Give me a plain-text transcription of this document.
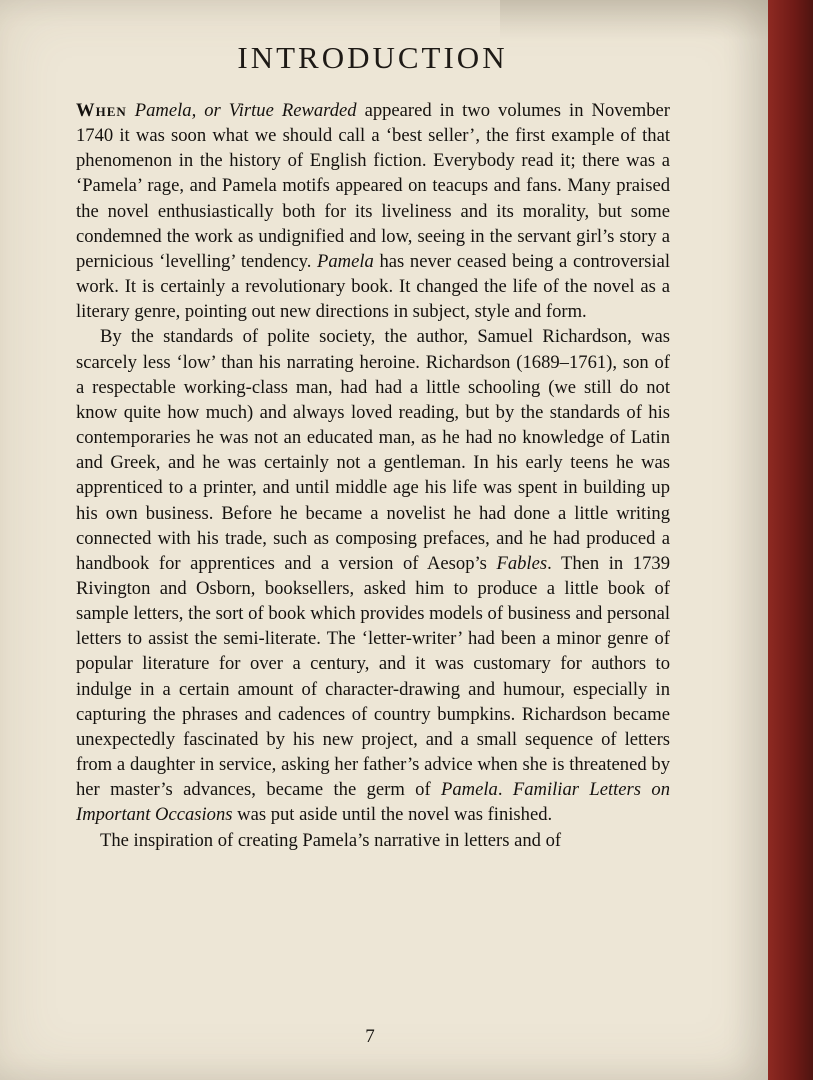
INTRODUCTION

When Pamela, or Virtue Rewarded appeared in two volumes in November 1740 it was soon what we should call a ‘best seller’, the first example of that phenomenon in the history of English fiction. Everybody read it; there was a ‘Pamela’ rage, and Pamela motifs appeared on teacups and fans. Many praised the novel enthusiastically both for its liveliness and its morality, but some condemned the work as undignified and low, seeing in the servant girl’s story a pernicious ‘levelling’ tendency. Pamela has never ceased being a controversial work. It is certainly a revolutionary book. It changed the life of the novel as a literary genre, pointing out new directions in subject, style and form.

By the standards of polite society, the author, Samuel Richardson, was scarcely less ‘low’ than his narrating heroine. Richardson (1689–1761), son of a respectable working-class man, had had a little schooling (we still do not know quite how much) and always loved reading, but by the standards of his contemporaries he was not an educated man, as he had no knowledge of Latin and Greek, and he was certainly not a gentleman. In his early teens he was apprenticed to a printer, and until middle age his life was spent in building up his own business. Before he became a novelist he had done a little writing connected with his trade, such as composing prefaces, and he had produced a handbook for apprentices and a version of Aesop’s Fables. Then in 1739 Rivington and Osborn, booksellers, asked him to produce a little book of sample letters, the sort of book which provides models of business and personal letters to assist the semi-literate. The ‘letter-writer’ had been a minor genre of popular literature for over a century, and it was customary for authors to indulge in a certain amount of character-drawing and humour, especially in capturing the phrases and cadences of country bumpkins. Richardson became unexpectedly fascinated by his new project, and a small sequence of letters from a daughter in service, asking her father’s advice when she is threatened by her master’s advances, became the germ of Pamela. Familiar Letters on Important Occasions was put aside until the novel was finished.

The inspiration of creating Pamela’s narrative in letters and of

7
